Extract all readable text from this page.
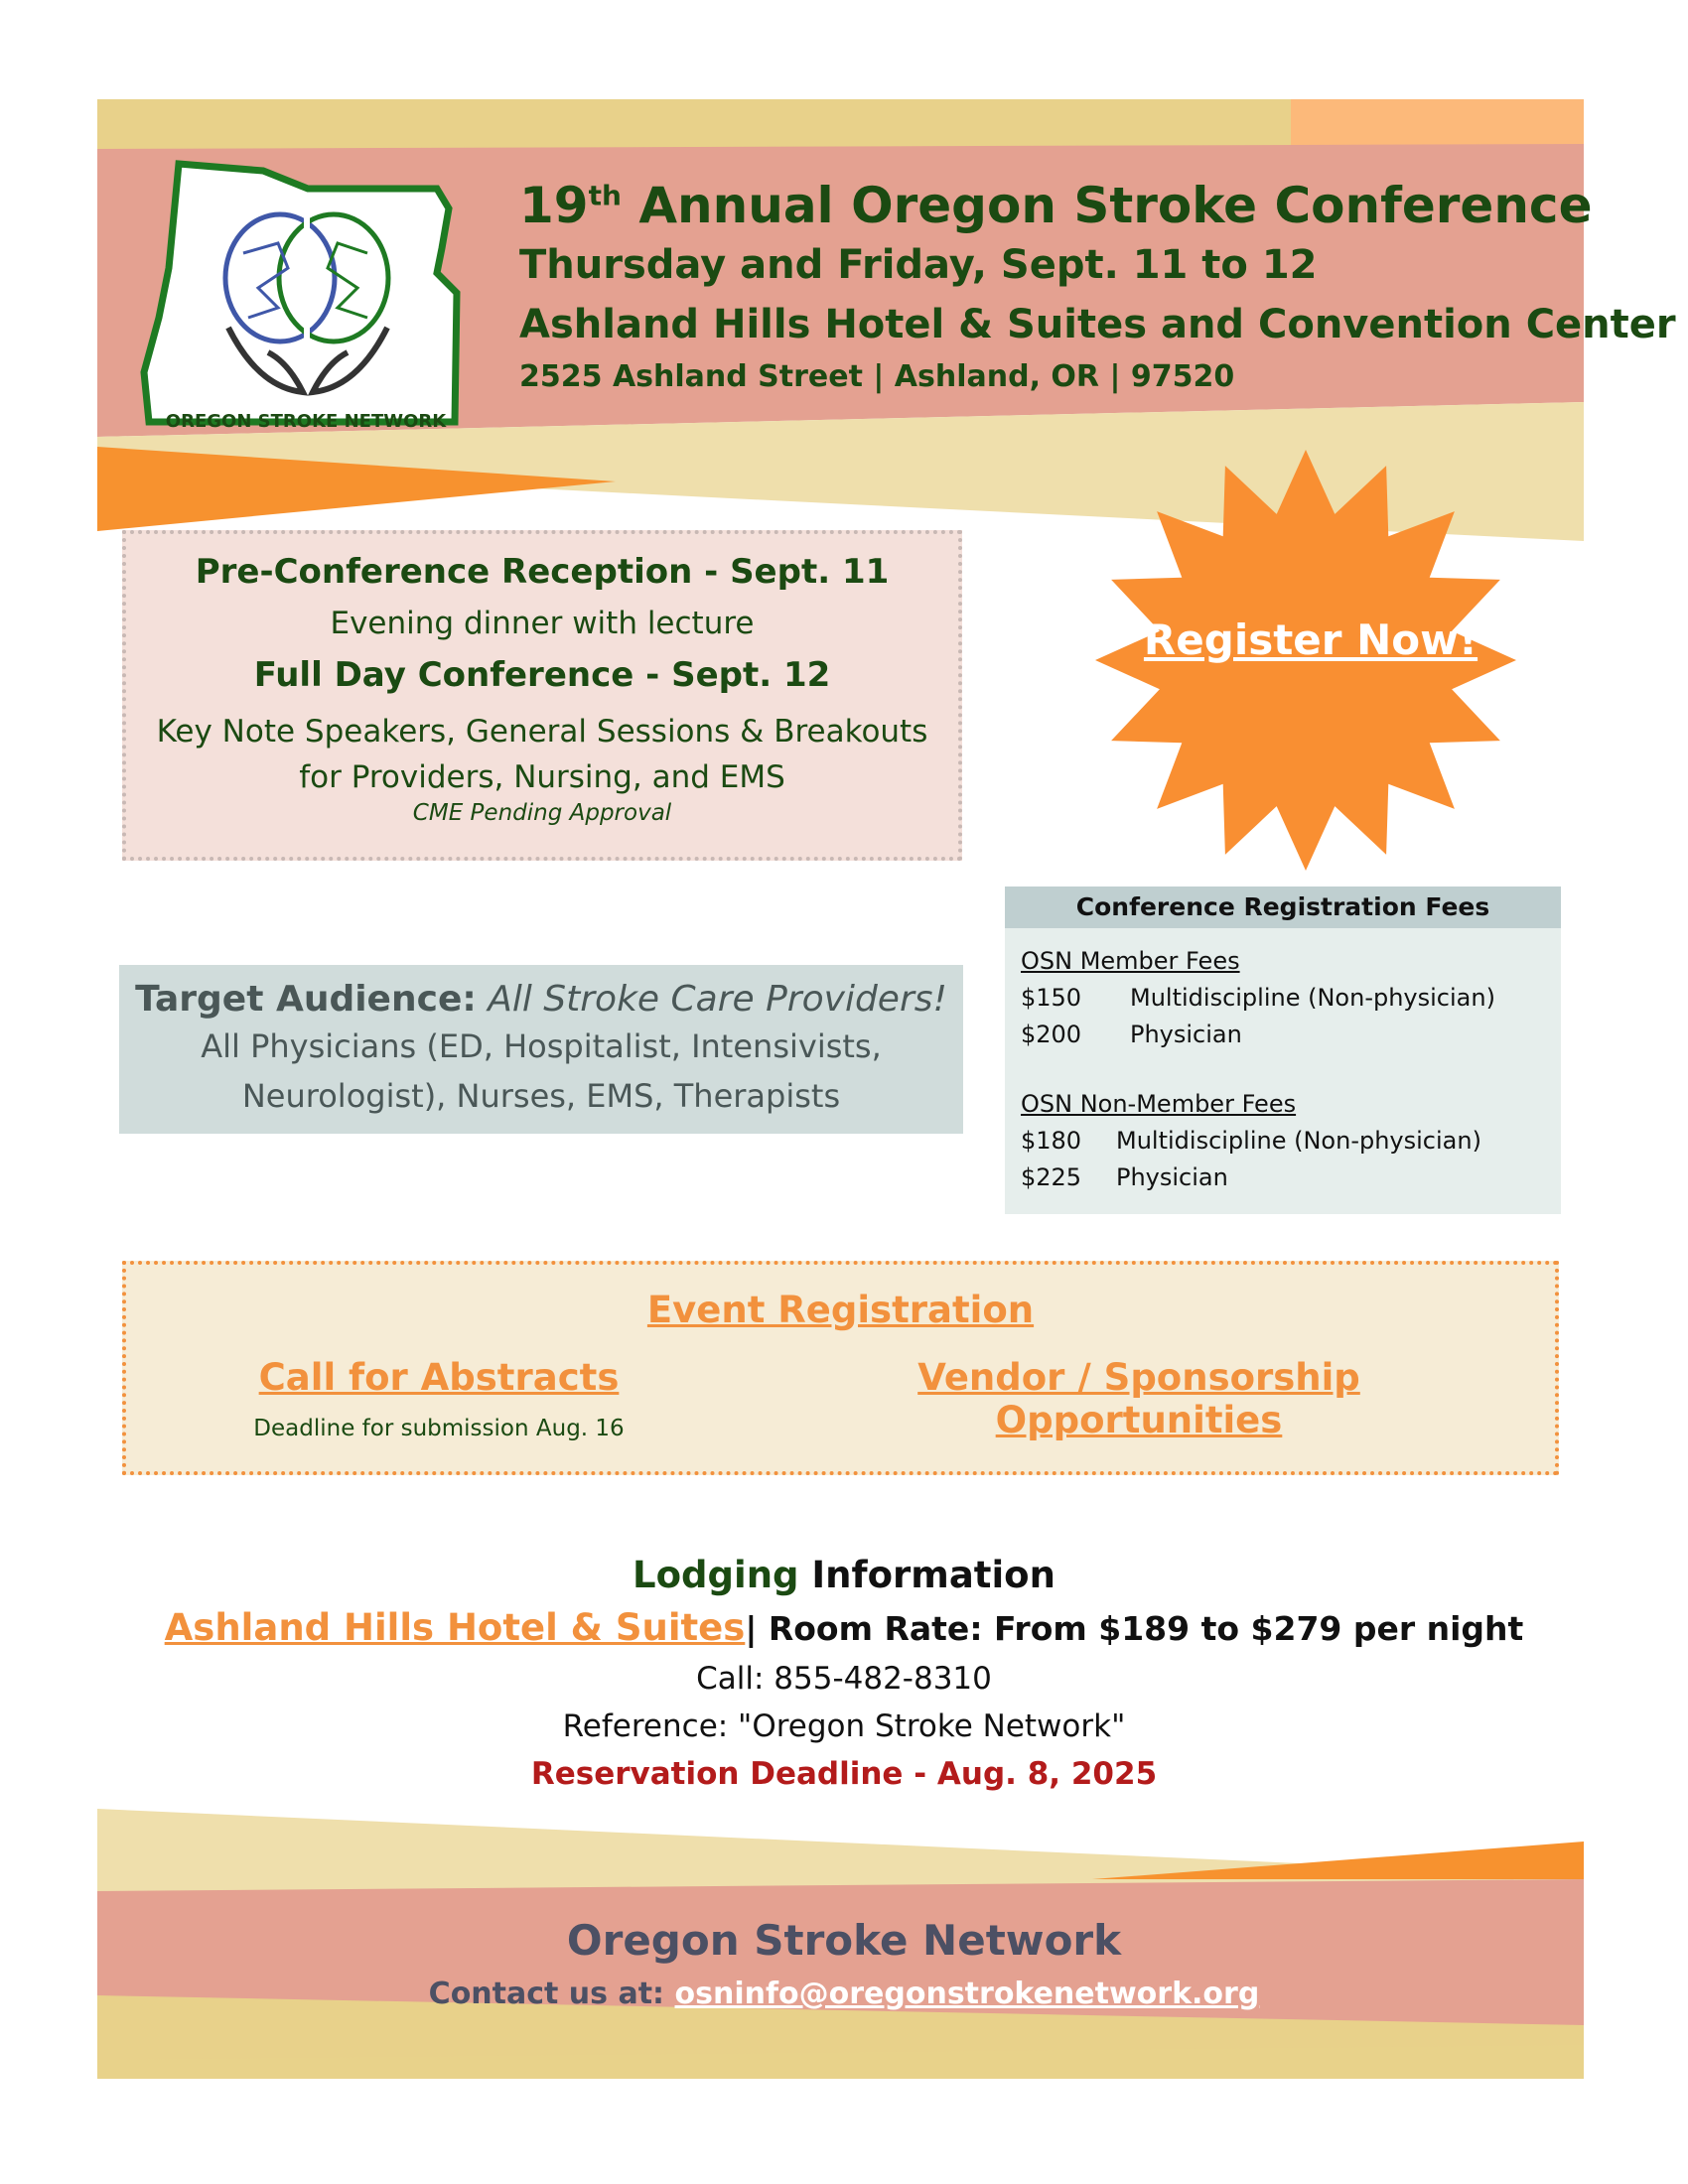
OREGON STROKE NETWORK
19th Annual Oregon Stroke Conference
Thursday and Friday, Sept. 11 to 12
Ashland Hills Hotel & Suites and Convention Center
2525 Ashland Street | Ashland, OR | 97520
Pre-Conference Reception - Sept. 11
Evening dinner with lecture
Full Day Conference - Sept. 12
Key Note Speakers, General Sessions & Breakouts
for Providers, Nursing, and EMS
CME Pending Approval
Register Now!
Target Audience: All Stroke Care Providers!
All Physicians (ED, Hospitalist, Intensivists,
Neurologist), Nurses, EMS, Therapists
Conference Registration Fees
OSN Member Fees
$150 Multidiscipline (Non-physician)
$200 Physician
OSN Non-Member Fees
$180 Multidiscipline (Non-physician)
$225 Physician
Event Registration
Call for Abstracts
Deadline for submission Aug. 16
Vendor / Sponsorship Opportunities
Lodging Information
Ashland Hills Hotel & Suites| Room Rate: From $189 to $279 per night
Call: 855-482-8310
Reference: "Oregon Stroke Network"
Reservation Deadline - Aug. 8, 2025
Oregon Stroke Network
Contact us at: osninfo@oregonstrokenetwork.org
